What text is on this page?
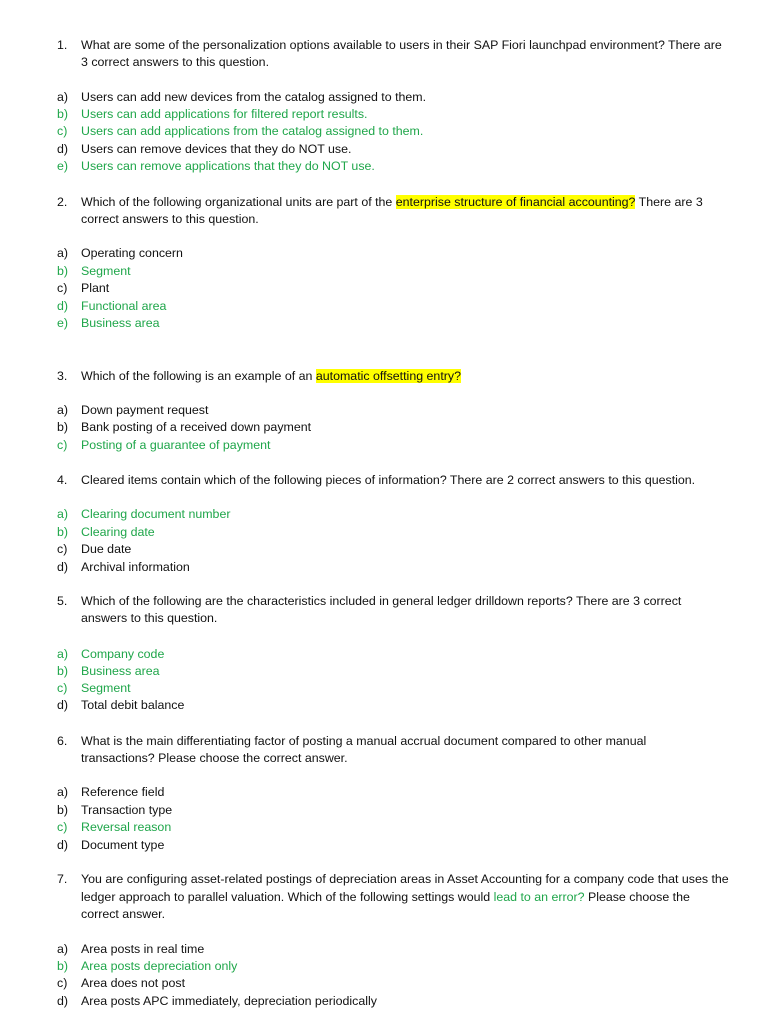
1.	What are some of the personalization options available to users in their SAP Fiori launchpad environment? There are
3 correct answers to this question.
a)	Users can add new devices from the catalog assigned to them.
b)	Users can add applications for filtered report results.
c)	Users can add applications from the catalog assigned to them.
d)	Users can remove devices that they do NOT use.
e)	Users can remove applications that they do NOT use.
2.	Which of the following organizational units are part of the enterprise structure of financial accounting? There are 3
correct answers to this question.
a)	Operating concern
b)	Segment
c)	Plant
d)	Functional area
e)	Business area
3.	Which of the following is an example of an automatic offsetting entry?
a)	Down payment request
b)	Bank posting of a received down payment
c)	Posting of a guarantee of payment
4.	Cleared items contain which of the following pieces of information? There are 2 correct answers to this question.
a)	Clearing document number
b)	Clearing date
c)	Due date
d)	Archival information
5.	Which of the following are the characteristics included in general ledger drilldown reports? There are 3 correct
answers to this question.
a)	Company code
b)	Business area
c)	Segment
d)	Total debit balance
6.	What is the main differentiating factor of posting a manual accrual document compared to other manual
transactions? Please choose the correct answer.
a)	Reference field
b)	Transaction type
c)	Reversal reason
d)	Document type
7.	You are configuring asset-related postings of depreciation areas in Asset Accounting for a company code that uses the
ledger approach to parallel valuation. Which of the following settings would lead to an error? Please choose the
correct answer.
a)	Area posts in real time
b)	Area posts depreciation only
c)	Area does not post
d)	Area posts APC immediately, depreciation periodically
